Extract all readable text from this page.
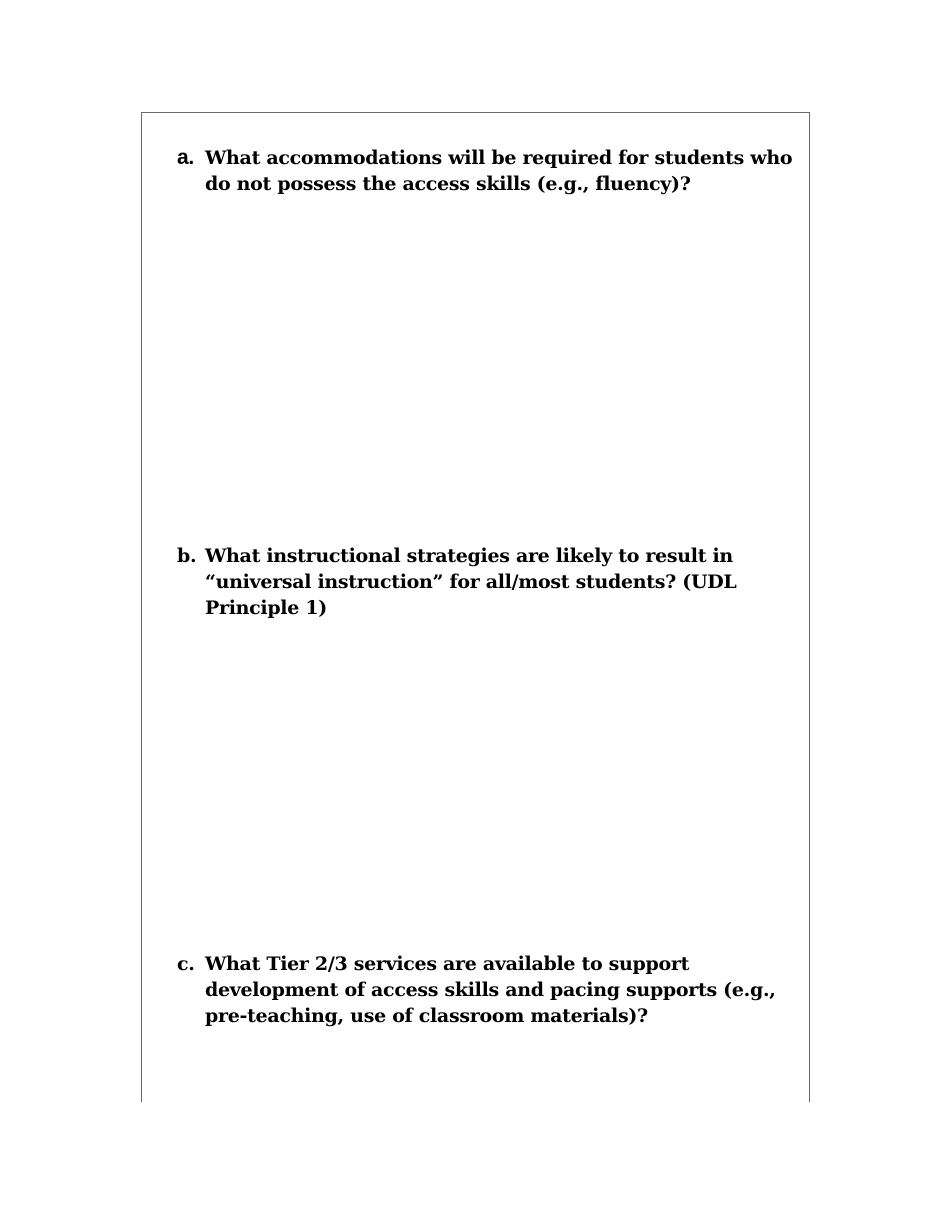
a. What accommodations will be required for students who do not possess the access skills (e.g., fluency)?
b. What instructional strategies are likely to result in “universal instruction” for all/most students? (UDL Principle 1)
c. What Tier 2/3 services are available to support development of access skills and pacing supports (e.g., pre-teaching, use of classroom materials)?
